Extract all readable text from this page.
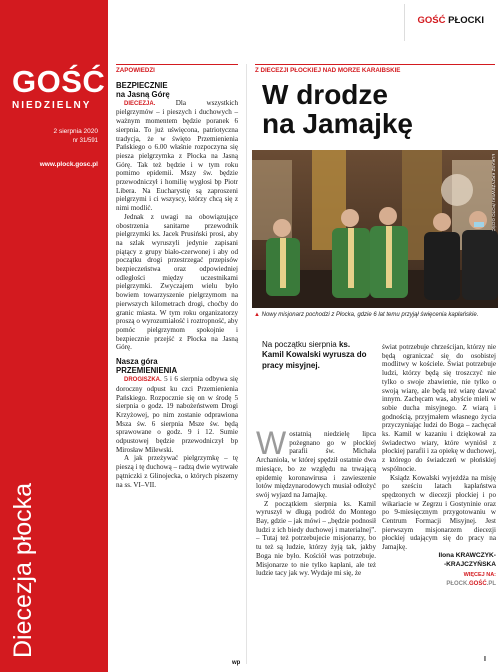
GOŚĆ
NIEDZIELNY
2 sierpnia 2020
nr 31/591
www.plock.gosc.pl
Diecezja płocka
GOŚĆ PŁOCKI
ZAPOWIEDZI
BEZPIECZNIE
na Jasną Górę

DIECEZJA.	Dla wszystkich pielgrzymów – i pieszych i duchowych – ważnym momentem będzie poranek 6 sierpnia. To już uświęcona, patriotyczna tradycja, że w święto Przemienienia Pańskiego o 6.00 właśnie rozpoczyna się piesza pielgrzymka z Płocka na Jasną Górę. Tak też będzie i w tym roku pomimo epidemii. Mszy św. będzie przewodniczył i homilię wygłosi bp Piotr Libera. Na Eucharystię są zaproszeni pielgrzymi i ci wszyscy, którzy chcą się z nimi modlić.

Jednak z uwagi na obowiązujące obostrzenia sanitarne przewodnik pielgrzymki ks. Jacek Prusiński prosi, aby na szlak wyruszyli jedynie zapisani piątący z grupy biało-czerwonej i aby od początku drogi przestrzegać przepisów bezpieczeństwa oraz odpowiedniej odległości między uczestnikami pielgrzymki. Zwyczajem wielu było bowiem towarzyszenie pielgrzymom na pierwszych kilometrach drogi, choćby do granic miasta. W tym roku organizatorzy proszą o wyrozumiałość i roztropność, aby pomóc pielgrzymom spokojnie i bezpiecznie przejść z Płocka na Jasną Górę.

Nasza góra
PRZEMIENIENIA

DROGISZKA. 5 i 6 sierpnia odbywa się doroczny odpust ku czci Przemienienia Pańskiego. Rozpocznie się on w środę 5 sierpnia o godz. 19 nabożeństwem Drogi Krzyżowej, po nim zostanie odprawiona Msza św. 6 sierpnia Msze św. będą sprawowane o godz. 9 i 12. Sumie odpustowej będzie przewodniczył bp Mirosław Milewski.

A jak przeżywać pielgrzymkę – tę pieszą i tę duchową – radzą dwie wytrwałe pątniczki z Glinojecka, o których piszemy na ss. VI–VII.

wp
Z DIECEZJI PŁOCKIEJ NAD MORZE KARAIBSKIE
W drodze
na Jamajkę
ŁUKASZ KRZYŻEWSKI /FOTO GOŚĆ
▲ Nowy misjonarz pochodzi z Płocka, gdzie 6 lat temu przyjął święcenia kapłańskie.
Na początku sierpnia ks. Kamil Kowalski wyrusza do pracy misyjnej.
W ostatnią niedzielę lipca pożegnano go w płockiej parafii św. Michała Archanioła, w której spędził ostatnie dwa miesiące, bo ze względu na trwającą epidemię koronawirusa i zawieszenie lotów międzynarodowych musiał odłożyć swój wyjazd na Jamajkę.

Z początkiem sierpnia ks. Kamil wyruszył w długą podróż do Montego Bay, gdzie – jak mówi – „będzie podnosił ludzi z ich biedy duchowej i materialnej”. – Tutaj też potrzebujecie misjonarzy, bo tu też są ludzie, którzy żyją tak, jakby Boga nie było. Kościół was potrzebuje. Misjonarze to nie tylko kapłani, ale też ludzie tacy jak wy. Wydaje mi się, że

świat potrzebuje chrześcijan, którzy nie będą ograniczać się do osobistej modlitwy w kościele. Świat potrzebuje ludzi, którzy będą się troszczyć nie tylko o swoje zbawienie, nie tylko o swoją wiarę, ale będą też wiarę dawać innym. Zachęcam was, abyście mieli w sobie ducha misyjnego. Z wiarą i godnością, przyjmałem własnego życia przyczyniając ludzi do Boga – zachęcał ks. Kamil w kazaniu i dziękował za świadectwo wiary, które wyniósł z płockiej parafii i za opiekę w duchowej, z którego do świadczeń w płońskiej wspólnocie.

Ksiądz Kowalski wyjeżdża na misję po sześciu latach kapłaństwa spędzonych w diecezji płockiej i po wikariacie w Zegrzu i Gostyninie oraz po 9-miesięcznym przygotowaniu w Centrum Formacji Misyjnej. Jest pierwszym misjonarzem diecezji płockiej udającym się do pracy na Jamajkę.

Ilona KRAWCZYK-
-KRAJCZYŃSKA
WIĘCEJ NA:
PŁOCK.GOŚĆ.PL
I
